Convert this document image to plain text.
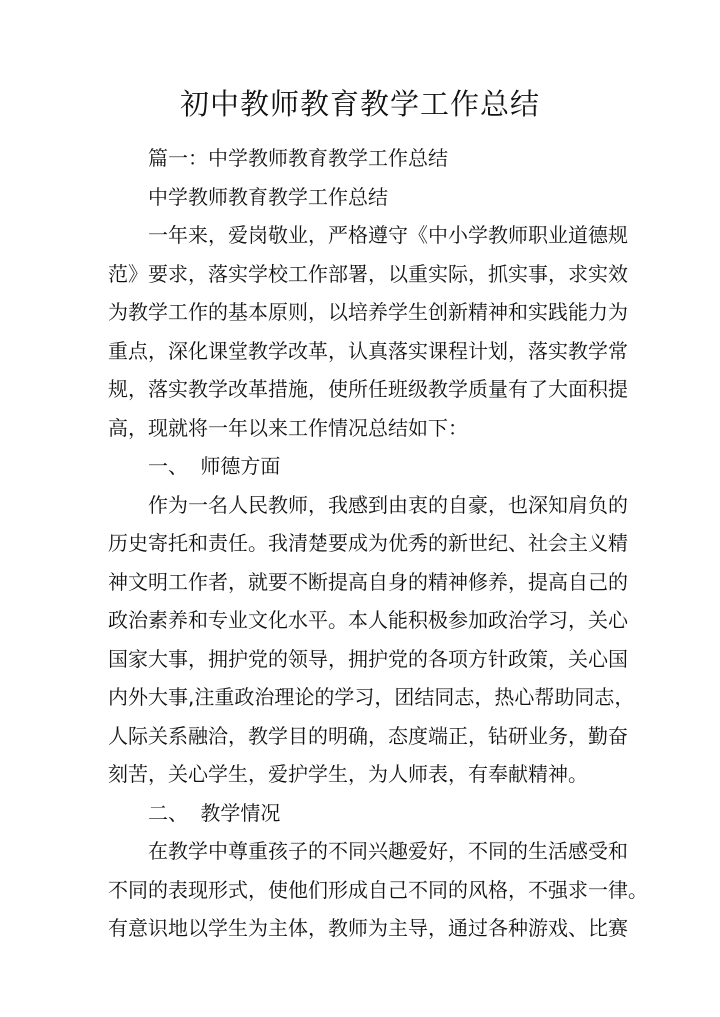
初中教师教育教学工作总结
篇一：中学教师教育教学工作总结
中学教师教育教学工作总结
一年来，爱岗敬业，严格遵守《中小学教师职业道德规
范》要求，落实学校工作部署，以重实际，抓实事，求实效
为教学工作的基本原则，以培养学生创新精神和实践能力为
重点，深化课堂教学改革，认真落实课程计划，落实教学常
规，落实教学改革措施，使所任班级教学质量有了大面积提
高，现就将一年以来工作情况总结如下：
一、 师德方面
作为一名人民教师，我感到由衷的自豪，也深知肩负的
历史寄托和责任。我清楚要成为优秀的新世纪、社会主义精
神文明工作者，就要不断提高自身的精神修养，提高自己的
政治素养和专业文化水平。本人能积极参加政治学习，关心
国家大事，拥护党的领导，拥护党的各项方针政策，关心国
内外大事,注重政治理论的学习，团结同志，热心帮助同志，
人际关系融洽，教学目的明确，态度端正，钻研业务，勤奋
刻苦，关心学生，爱护学生，为人师表，有奉献精神。
二、 教学情况
在教学中尊重孩子的不同兴趣爱好，不同的生活感受和
不同的表现形式，使他们形成自己不同的风格，不强求一律。
有意识地以学生为主体，教师为主导，通过各种游戏、比赛
